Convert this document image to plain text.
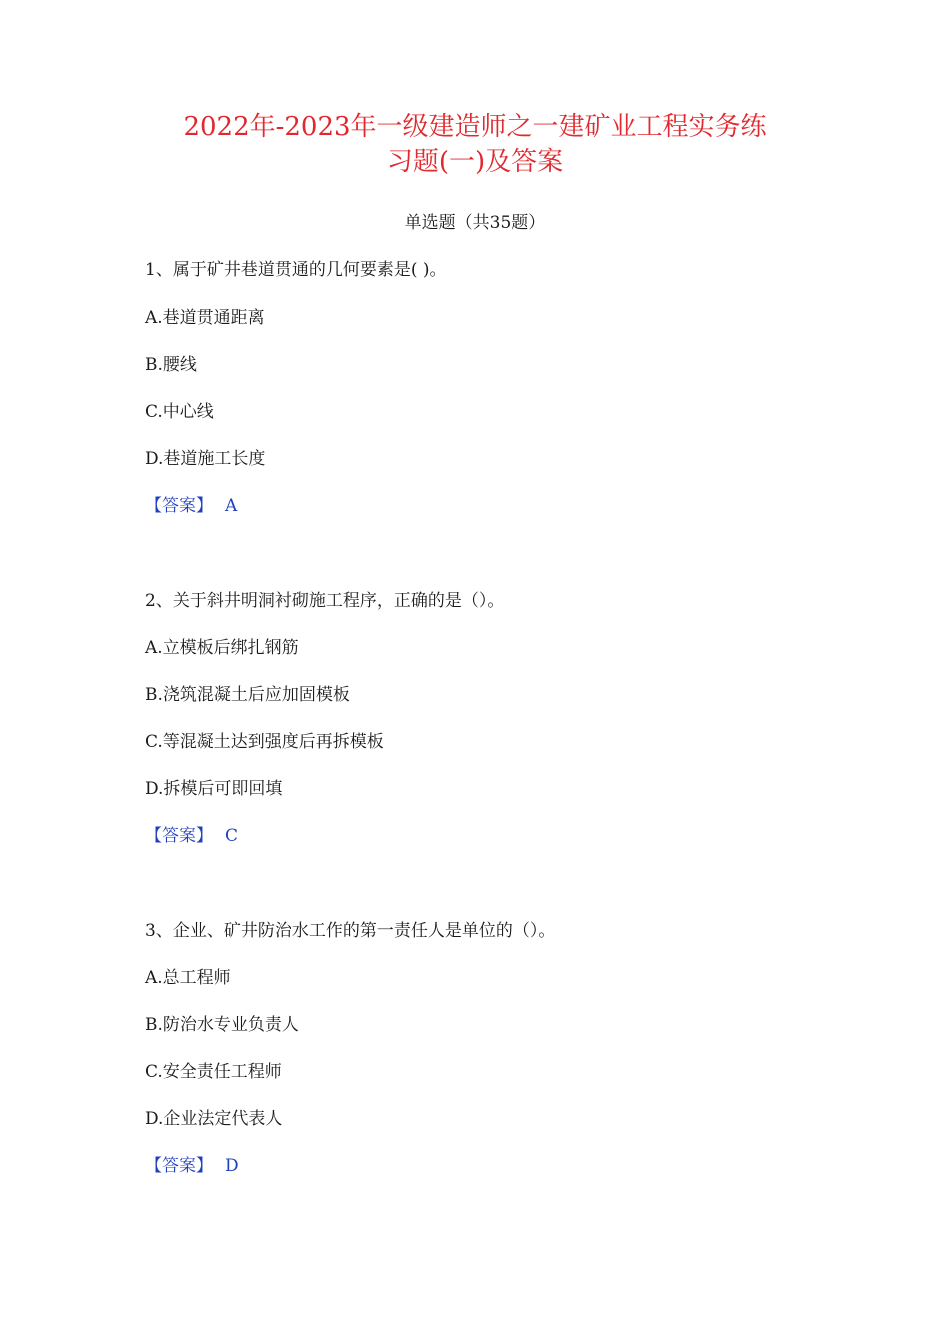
2022年-2023年一级建造师之一建矿业工程实务练
习题(一)及答案
单选题（共35题）
1、属于矿井巷道贯通的几何要素是( )。
A.巷道贯通距离
B.腰线
C.中心线
D.巷道施工长度
【答案】 A
2、关于斜井明洞衬砌施工程序，正确的是（）。
A.立模板后绑扎钢筋
B.浇筑混凝土后应加固模板
C.等混凝土达到强度后再拆模板
D.拆模后可即回填
【答案】 C
3、企业、矿井防治水工作的第一责任人是单位的（）。
A.总工程师
B.防治水专业负责人
C.安全责任工程师
D.企业法定代表人
【答案】 D
